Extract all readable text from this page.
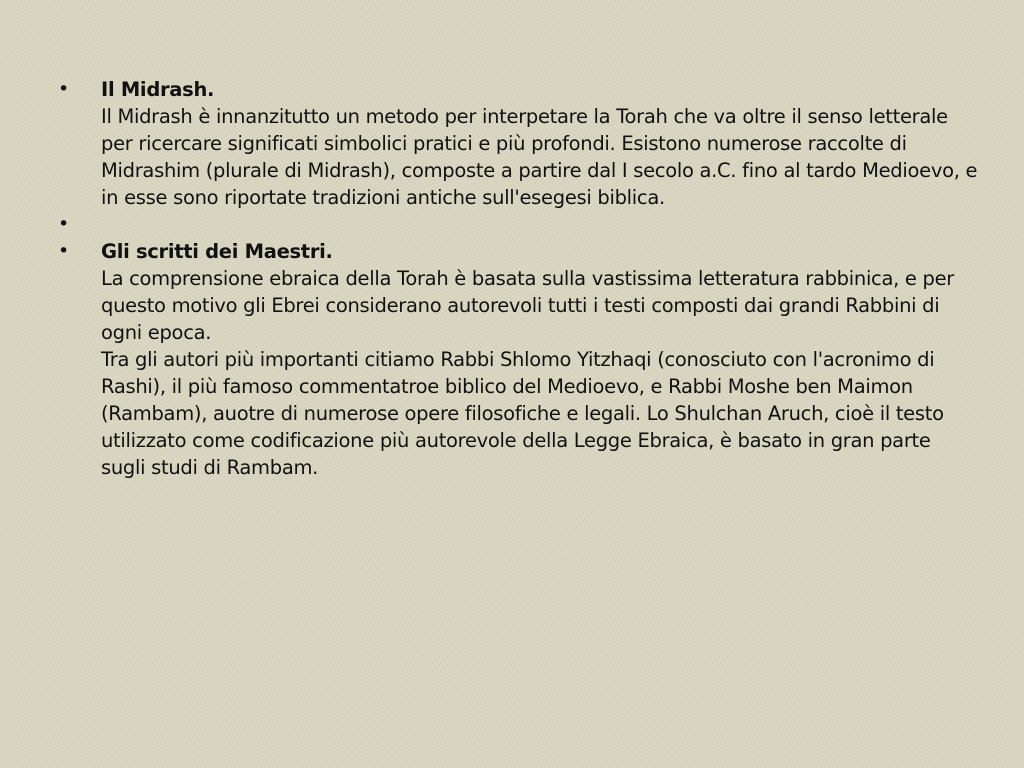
•	Il Midrash.
Il Midrash è innanzitutto un metodo per interpetare la Torah che va oltre il senso letterale per ricercare significati simbolici pratici e più profondi. Esistono numerose raccolte di Midrashim (plurale di Midrash), composte a partire dal I secolo a.C. fino al tardo Medioevo, e in esse sono riportate tradizioni antiche sull'esegesi biblica.
•
•	Gli scritti dei Maestri.
La comprensione ebraica della Torah è basata sulla vastissima letteratura rabbinica, e per questo motivo gli Ebrei considerano autorevoli tutti i testi composti dai grandi Rabbini di ogni epoca.
Tra gli autori più importanti citiamo Rabbi Shlomo Yitzhaqi (conosciuto con l'acronimo di Rashi), il più famoso commentatroe biblico del Medioevo, e Rabbi Moshe ben Maimon (Rambam), auotre di numerose opere filosofiche e legali. Lo Shulchan Aruch, cioè il testo utilizzato come codificazione più autorevole della Legge Ebraica, è basato in gran parte sugli studi di Rambam.
